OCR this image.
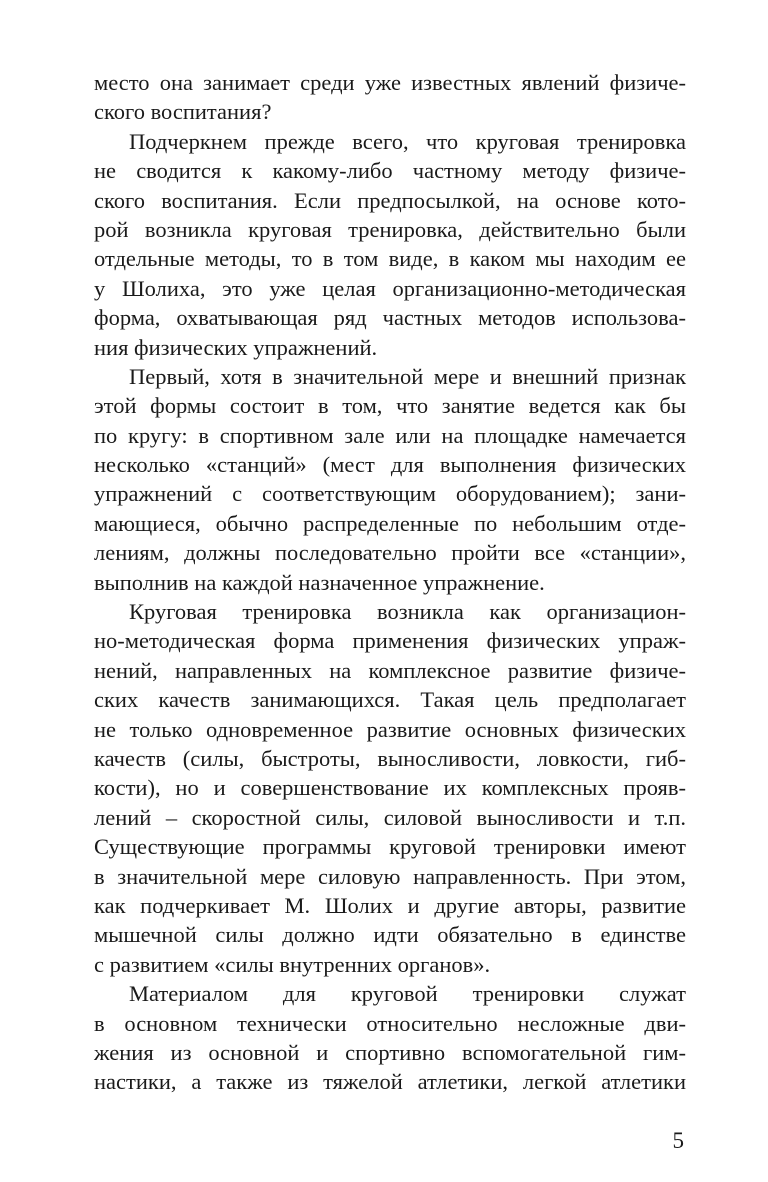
место она занимает среди уже известных явлений физиче-
ского воспитания?
Подчеркнем прежде всего, что круговая тренировка
не сводится к какому-либо частному методу физиче-
ского воспитания. Если предпосылкой, на основе кото-
рой возникла круговая тренировка, действительно были
отдельные методы, то в том виде, в каком мы находим ее
у Шолиха, это уже целая организационно-методическая
форма, охватывающая ряд частных методов использова-
ния физических упражнений.
Первый, хотя в значительной мере и внешний признак
этой формы состоит в том, что занятие ведется как бы
по кругу: в спортивном зале или на площадке намечается
несколько «станций» (мест для выполнения физических
упражнений с соответствующим оборудованием); зани-
мающиеся, обычно распределенные по небольшим отде-
лениям, должны последовательно пройти все «станции»,
выполнив на каждой назначенное упражнение.
Круговая тренировка возникла как организацион-
но-методическая форма применения физических упраж-
нений, направленных на комплексное развитие физиче-
ских качеств занимающихся. Такая цель предполагает
не только одновременное развитие основных физических
качеств (силы, быстроты, выносливости, ловкости, гиб-
кости), но и совершенствование их комплексных прояв-
лений – скоростной силы, силовой выносливости и т.п.
Существующие программы круговой тренировки имеют
в значительной мере силовую направленность. При этом,
как подчеркивает М. Шолих и другие авторы, развитие
мышечной силы должно идти обязательно в единстве
с развитием «силы внутренних органов».
Материалом для круговой тренировки служат
в основном технически относительно несложные дви-
жения из основной и спортивно вспомогательной гим-
настики, а также из тяжелой атлетики, легкой атлетики
5
